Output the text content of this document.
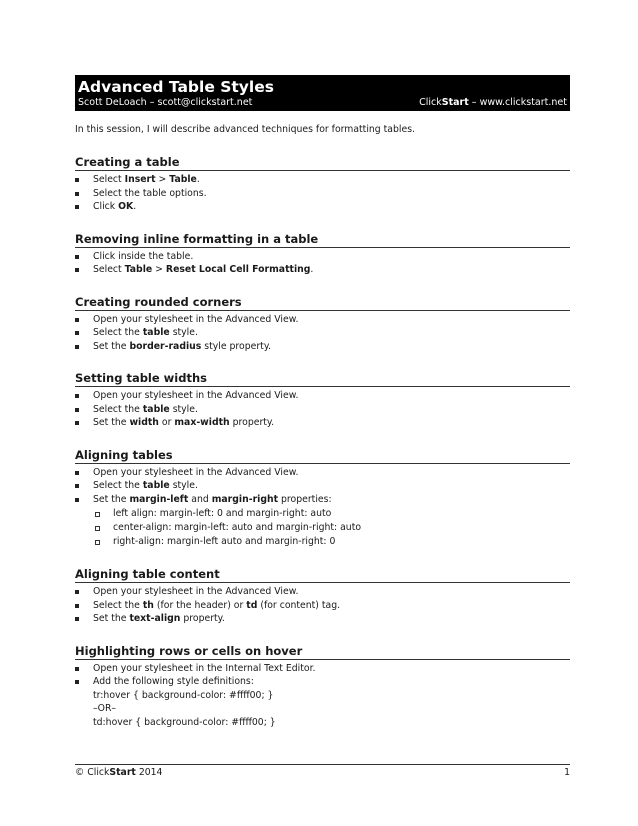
Advanced Table Styles
Scott DeLoach – scott@clickstart.net	ClickStart – www.clickstart.net

In this session, I will describe advanced techniques for formatting tables.

Creating a table
Select Insert > Table.
Select the table options.
Click OK.
Removing inline formatting in a table
Click inside the table.
Select Table > Reset Local Cell Formatting.
Creating rounded corners
Open your stylesheet in the Advanced View.
Select the table style.
Set the border-radius style property.
Setting table widths
Open your stylesheet in the Advanced View.
Select the table style.
Set the width or max-width property.
Aligning tables
Open your stylesheet in the Advanced View.
Select the table style.
Set the margin-left and margin-right properties:
left align: margin-left: 0 and margin-right: auto
center-align: margin-left: auto and margin-right: auto
right-align: margin-left auto and margin-right: 0
Aligning table content
Open your stylesheet in the Advanced View.
Select the th (for the header) or td (for content) tag.
Set the text-align property.
Highlighting rows or cells on hover
Open your stylesheet in the Internal Text Editor.
Add the following style definitions:
tr:hover { background-color: #ffff00; }
–OR–
td:hover { background-color: #ffff00; }
© ClickStart 2014	1
